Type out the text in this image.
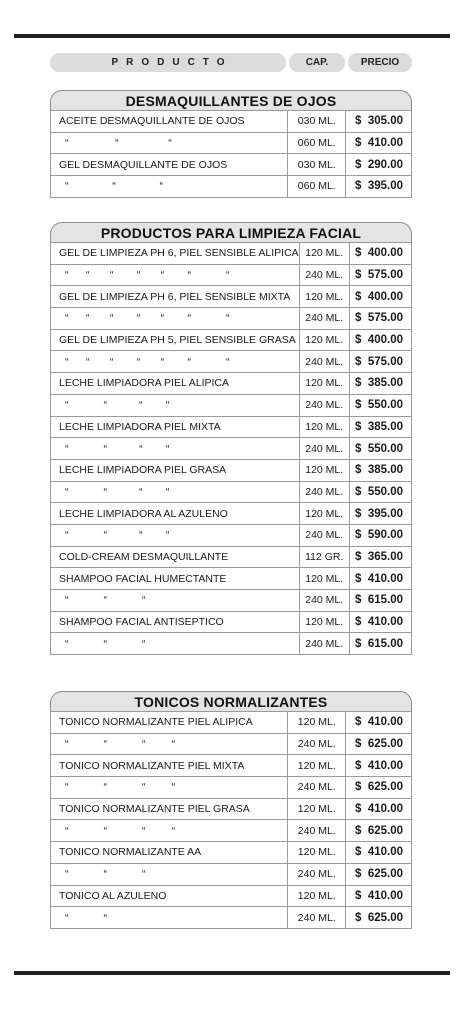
PRODUCTO	CAP.	PRECIO
DESMAQUILLANTES DE OJOS
ACEITE DESMAQUILLANTE DE OJOS	030 ML.	$  305.00
“                “                 “	060 ML.	$  410.00
GEL DESMAQUILLANTE DE OJOS	030 ML.	$  290.00
“               “               “	060 ML.	$  395.00
PRODUCTOS PARA LIMPIEZA FACIAL
GEL DE LIMPIEZA PH 6, PIEL SENSIBLE ALIPICA	120 ML.	$  400.00
“      “       “        “       “        “            “	240 ML.	$  575.00
GEL DE LIMPIEZA PH 6, PIEL SENSIBLE MIXTA	120 ML.	$  400.00
“      “       “        “       “        “            “	240 ML.	$  575.00
GEL DE LIMPIEZA PH 5, PIEL SENSIBLE GRASA	120 ML.	$  400.00
“      “       “        “       “        “            “	240 ML.	$  575.00
LECHE LIMPIADORA PIEL ALIPICA	120 ML.	$  385.00
“            “           “        “	240 ML.	$  550.00
LECHE LIMPIADORA PIEL MIXTA	120 ML.	$  385.00
“            “           “        “	240 ML.	$  550.00
LECHE LIMPIADORA PIEL GRASA	120 ML.	$  385.00
“            “           “        “	240 ML.	$  550.00
LECHE LIMPIADORA AL AZULENO	120 ML.	$  395.00
“            “           “        “	240 ML.	$  590.00
COLD-CREAM DESMAQUILLANTE	112 GR.	$  365.00
SHAMPOO FACIAL HUMECTANTE	120 ML.	$  410.00
“            “            “	240 ML.	$  615.00
SHAMPOO FACIAL ANTISEPTICO	120 ML.	$  410.00
“            “            “	240 ML.	$  615.00
TONICOS NORMALIZANTES
TONICO NORMALIZANTE PIEL ALIPICA	120 ML.	$  410.00
“            “            “         “	240 ML.	$  625.00
TONICO NORMALIZANTE PIEL MIXTA	120 ML.	$  410.00
“            “            “         “	240 ML.	$  625.00
TONICO NORMALIZANTE PIEL GRASA	120 ML.	$  410.00
“            “            “         “	240 ML.	$  625.00
TONICO NORMALIZANTE AA	120 ML.	$  410.00
“            “            “	240 ML.	$  625.00
TONICO AL AZULENO	120 ML.	$  410.00
“            “	240 ML.	$  625.00
